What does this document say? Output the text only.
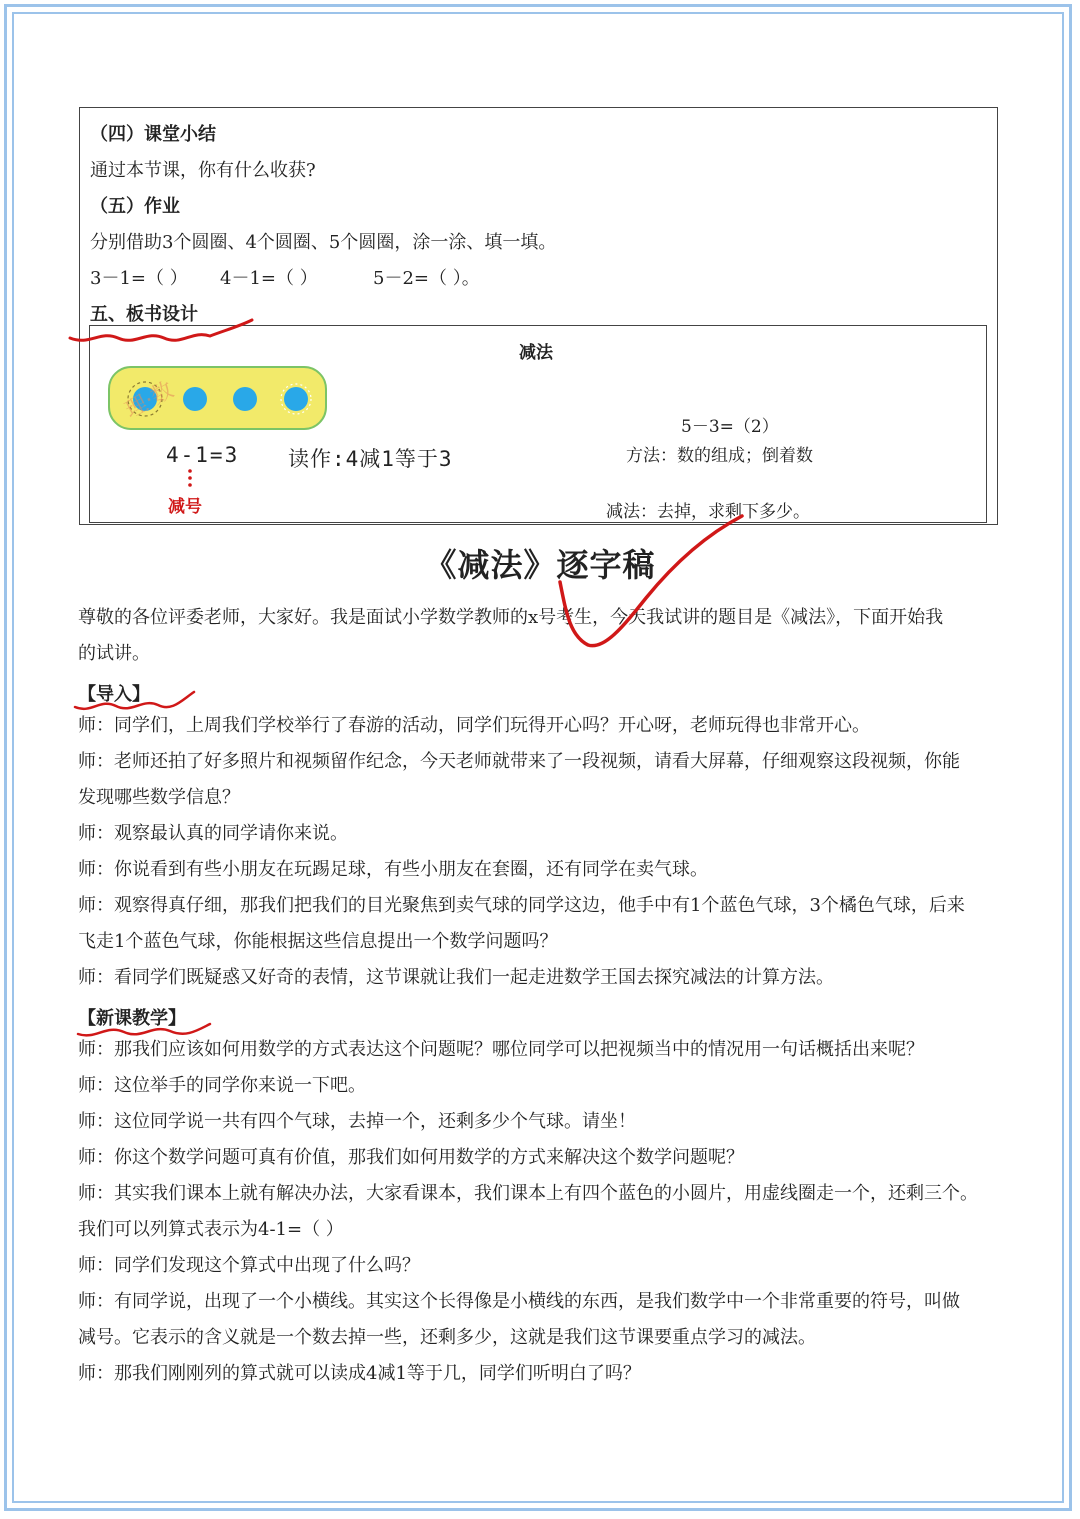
（四）课堂小结
通过本节课，你有什么收获?
（五）作业
分别借助3个圆圈、4个圆圈、5个圆圈，涂一涂、填一填。
3－1=（ ） 4－1=（ ）	5－2=（ ）。
五、板书设计
减法
理·数
4-1=3 读作:4减1等于3
减号
5－3=（2）
方法：数的组成；倒着数
减法：去掉，求剩下多少。
《减法》逐字稿
尊敬的各位评委老师，大家好。我是面试小学数学教师的x号考生，今天我试讲的题目是《减法》，下面开始我
的试讲。
【导入】
师：同学们，上周我们学校举行了春游的活动，同学们玩得开心吗？开心呀，老师玩得也非常开心。
师：老师还拍了好多照片和视频留作纪念，今天老师就带来了一段视频，请看大屏幕，仔细观察这段视频，你能
发现哪些数学信息？
师：观察最认真的同学请你来说。
师：你说看到有些小朋友在玩踢足球，有些小朋友在套圈，还有同学在卖气球。
师：观察得真仔细，那我们把我们的目光聚焦到卖气球的同学这边，他手中有1个蓝色气球，3个橘色气球，后来
飞走1个蓝色气球，你能根据这些信息提出一个数学问题吗？
师：看同学们既疑惑又好奇的表情，这节课就让我们一起走进数学王国去探究减法的计算方法。
【新课教学】
师：那我们应该如何用数学的方式表达这个问题呢？哪位同学可以把视频当中的情况用一句话概括出来呢？
师：这位举手的同学你来说一下吧。
师：这位同学说一共有四个气球，去掉一个，还剩多少个气球。请坐！
师：你这个数学问题可真有价值，那我们如何用数学的方式来解决这个数学问题呢？
师：其实我们课本上就有解决办法，大家看课本，我们课本上有四个蓝色的小圆片，用虚线圈走一个，还剩三个。
我们可以列算式表示为4-1=（ ）
师：同学们发现这个算式中出现了什么吗？
师：有同学说，出现了一个小横线。其实这个长得像是小横线的东西，是我们数学中一个非常重要的符号，叫做
减号。它表示的含义就是一个数去掉一些，还剩多少，这就是我们这节课要重点学习的减法。
师：那我们刚刚列的算式就可以读成4减1等于几，同学们听明白了吗？
